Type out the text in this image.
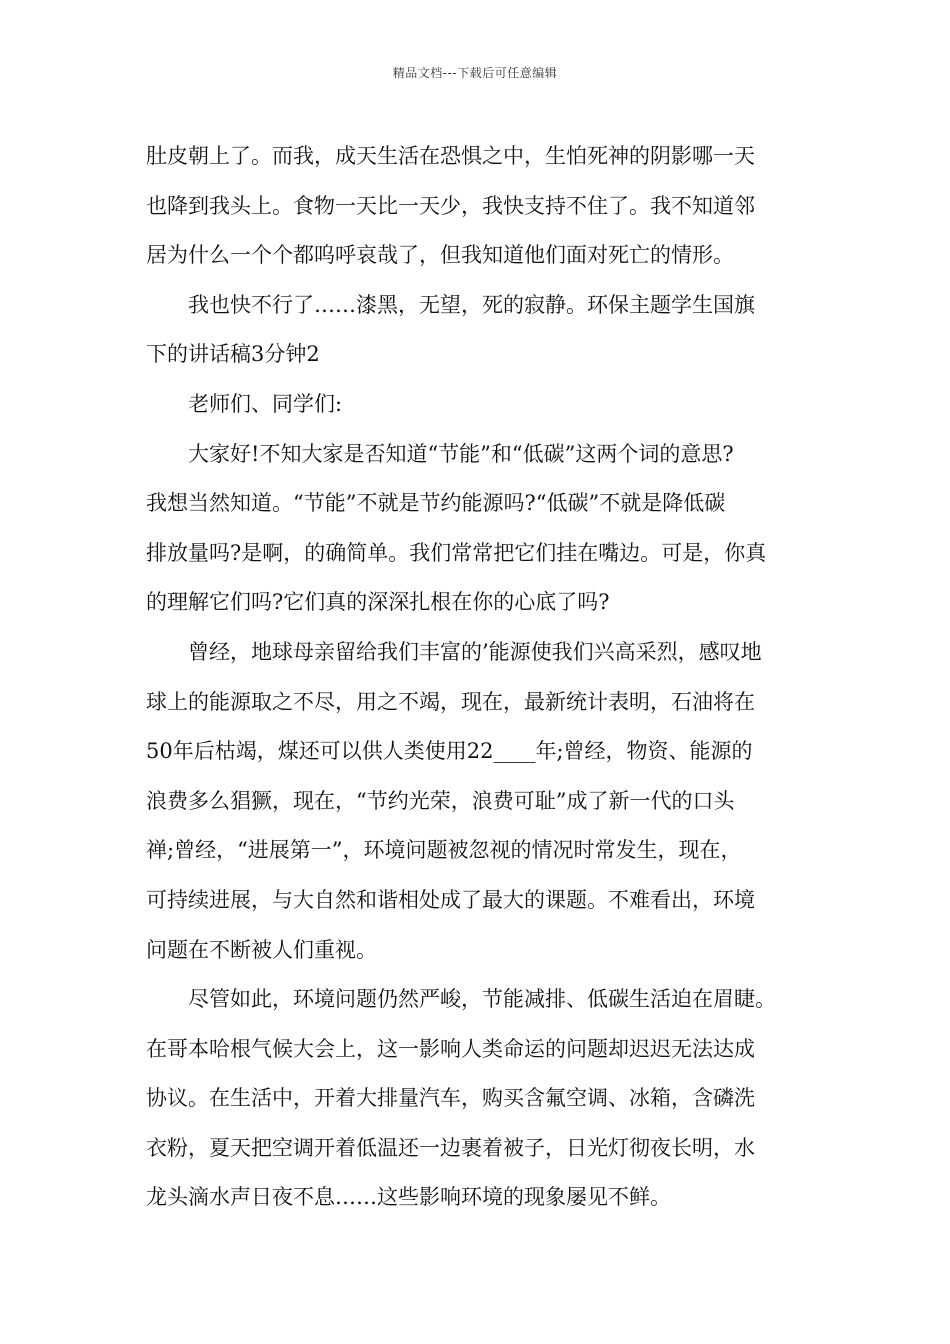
精品文档---下载后可任意编辑
肚皮朝上了。而我，成天生活在恐惧之中，生怕死神的阴影哪一天
也降到我头上。食物一天比一天少，我快支持不住了。我不知道邻
居为什么一个个都呜呼哀哉了，但我知道他们面对死亡的情形。
我也快不行了……漆黑，无望，死的寂静。环保主题学生国旗
下的讲话稿3分钟2
老师们、同学们:
大家好!不知大家是否知道“节能”和“低碳”这两个词的意思?
我想当然知道。“节能”不就是节约能源吗?“低碳”不就是降低碳
排放量吗?是啊，的确简单。我们常常把它们挂在嘴边。可是，你真
的理解它们吗?它们真的深深扎根在你的心底了吗?
曾经，地球母亲留给我们丰富的’能源使我们兴高采烈，感叹地
球上的能源取之不尽，用之不竭，现在，最新统计表明，石油将在
50年后枯竭，煤还可以供人类使用22____年;曾经，物资、能源的
浪费多么猖獗，现在，“节约光荣，浪费可耻”成了新一代的口头
禅;曾经，“进展第一”，环境问题被忽视的情况时常发生，现在，
可持续进展，与大自然和谐相处成了最大的课题。不难看出，环境
问题在不断被人们重视。
尽管如此，环境问题仍然严峻，节能减排、低碳生活迫在眉睫。
在哥本哈根气候大会上，这一影响人类命运的问题却迟迟无法达成
协议。在生活中，开着大排量汽车，购买含氟空调、冰箱，含磷洗
衣粉，夏天把空调开着低温还一边裹着被子，日光灯彻夜长明，水
龙头滴水声日夜不息……这些影响环境的现象屡见不鲜。
